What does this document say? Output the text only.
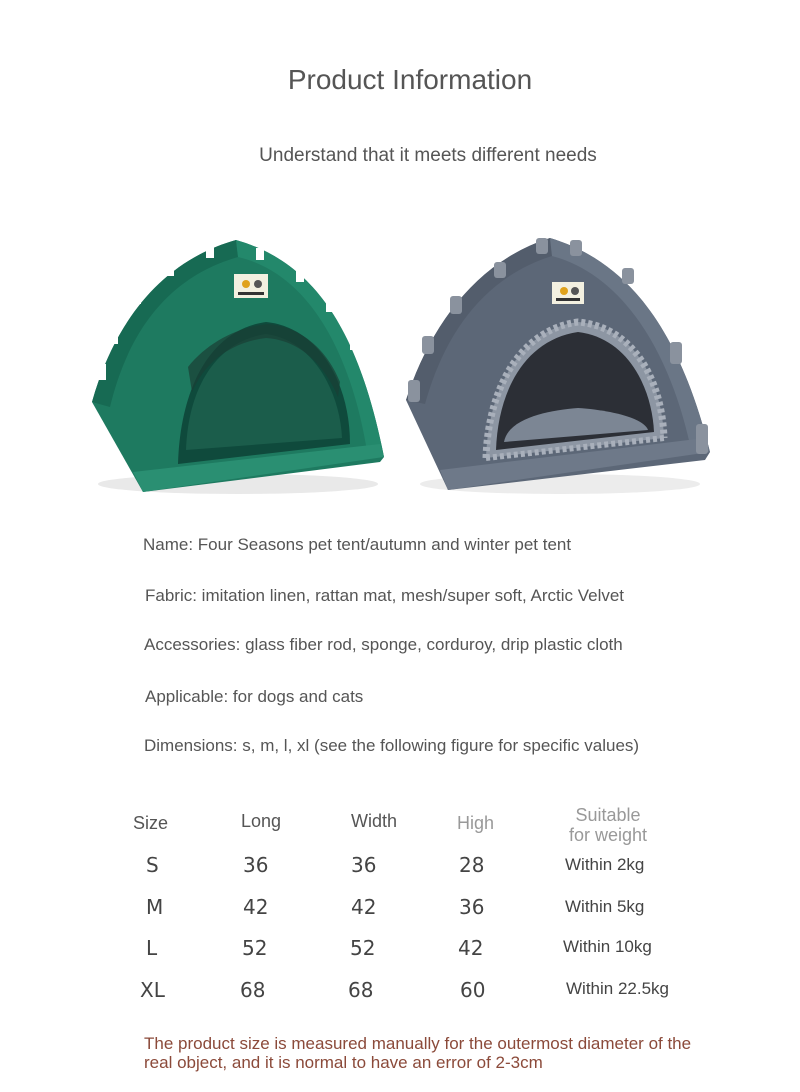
Product Information
Understand that it meets different needs
Name: Four Seasons pet tent/autumn and winter pet tent
Fabric: imitation linen, rattan mat, mesh/super soft, Arctic Velvet
Accessories: glass fiber rod, sponge, corduroy, drip plastic cloth
Applicable: for dogs and cats
Dimensions: s, m, l, xl (see the following figure for specific values)
Size	Long	Width	High	Suitable
for weight
S	36	36	28	Within 2kg
M	42	42	36	Within 5kg
L	52	52	42	Within 10kg
XL	68	68	60	Within 22.5kg
The product size is measured manually for the outermost diameter of the real object, and it is normal to have an error of 2-3cm
